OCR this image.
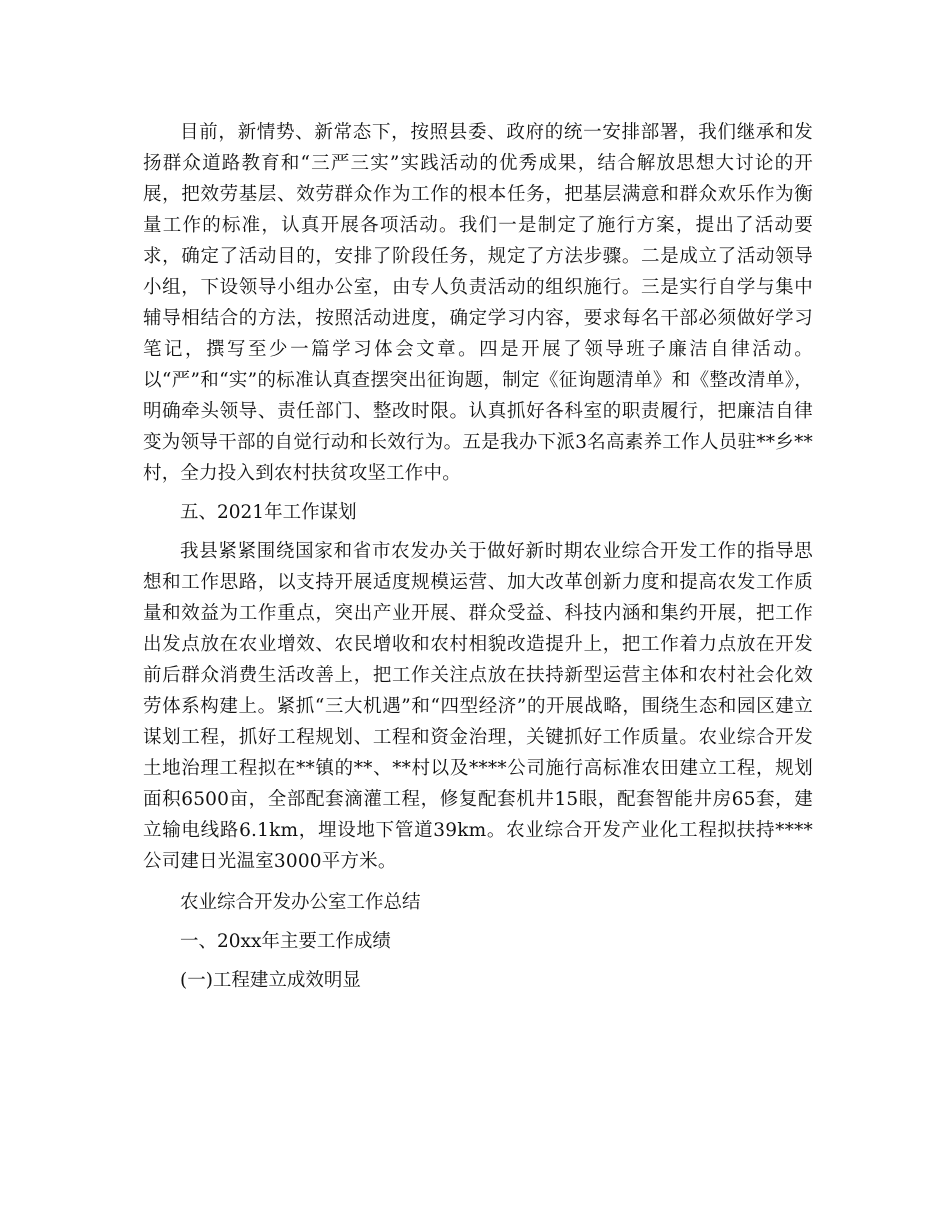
目前，新情势、新常态下，按照县委、政府的统一安排部署，我们继承和发扬群众道路教育和“三严三实”实践活动的优秀成果，结合解放思想大讨论的开展，把效劳基层、效劳群众作为工作的根本任务，把基层满意和群众欢乐作为衡量工作的标准，认真开展各项活动。我们一是制定了施行方案，提出了活动要求，确定了活动目的，安排了阶段任务，规定了方法步骤。二是成立了活动领导小组，下设领导小组办公室，由专人负责活动的组织施行。三是实行自学与集中辅导相结合的方法，按照活动进度，确定学习内容，要求每名干部必须做好学习笔记，撰写至少一篇学习体会文章。四是开展了领导班子廉洁自律活动。以“严”和“实”的标准认真查摆突出征询题，制定《征询题清单》和《整改清单》，明确牵头领导、责任部门、整改时限。认真抓好各科室的职责履行，把廉洁自律变为领导干部的自觉行动和长效行为。五是我办下派3名高素养工作人员驻**乡**村，全力投入到农村扶贫攻坚工作中。

五、2021年工作谋划

我县紧紧围绕国家和省市农发办关于做好新时期农业综合开发工作的指导思想和工作思路，以支持开展适度规模运营、加大改革创新力度和提高农发工作质量和效益为工作重点，突出产业开展、群众受益、科技内涵和集约开展，把工作出发点放在农业增效、农民增收和农村相貌改造提升上，把工作着力点放在开发前后群众消费生活改善上，把工作关注点放在扶持新型运营主体和农村社会化效劳体系构建上。紧抓“三大机遇”和“四型经济”的开展战略，围绕生态和园区建立谋划工程，抓好工程规划、工程和资金治理，关键抓好工作质量。农业综合开发土地治理工程拟在**镇的**、**村以及****公司施行高标准农田建立工程，规划面积6500亩，全部配套滴灌工程，修复配套机井15眼，配套智能井房65套，建立输电线路6.1km，埋设地下管道39km。农业综合开发产业化工程拟扶持****公司建日光温室3000平方米。

农业综合开发办公室工作总结

一、20xx年主要工作成绩

(一)工程建立成效明显
